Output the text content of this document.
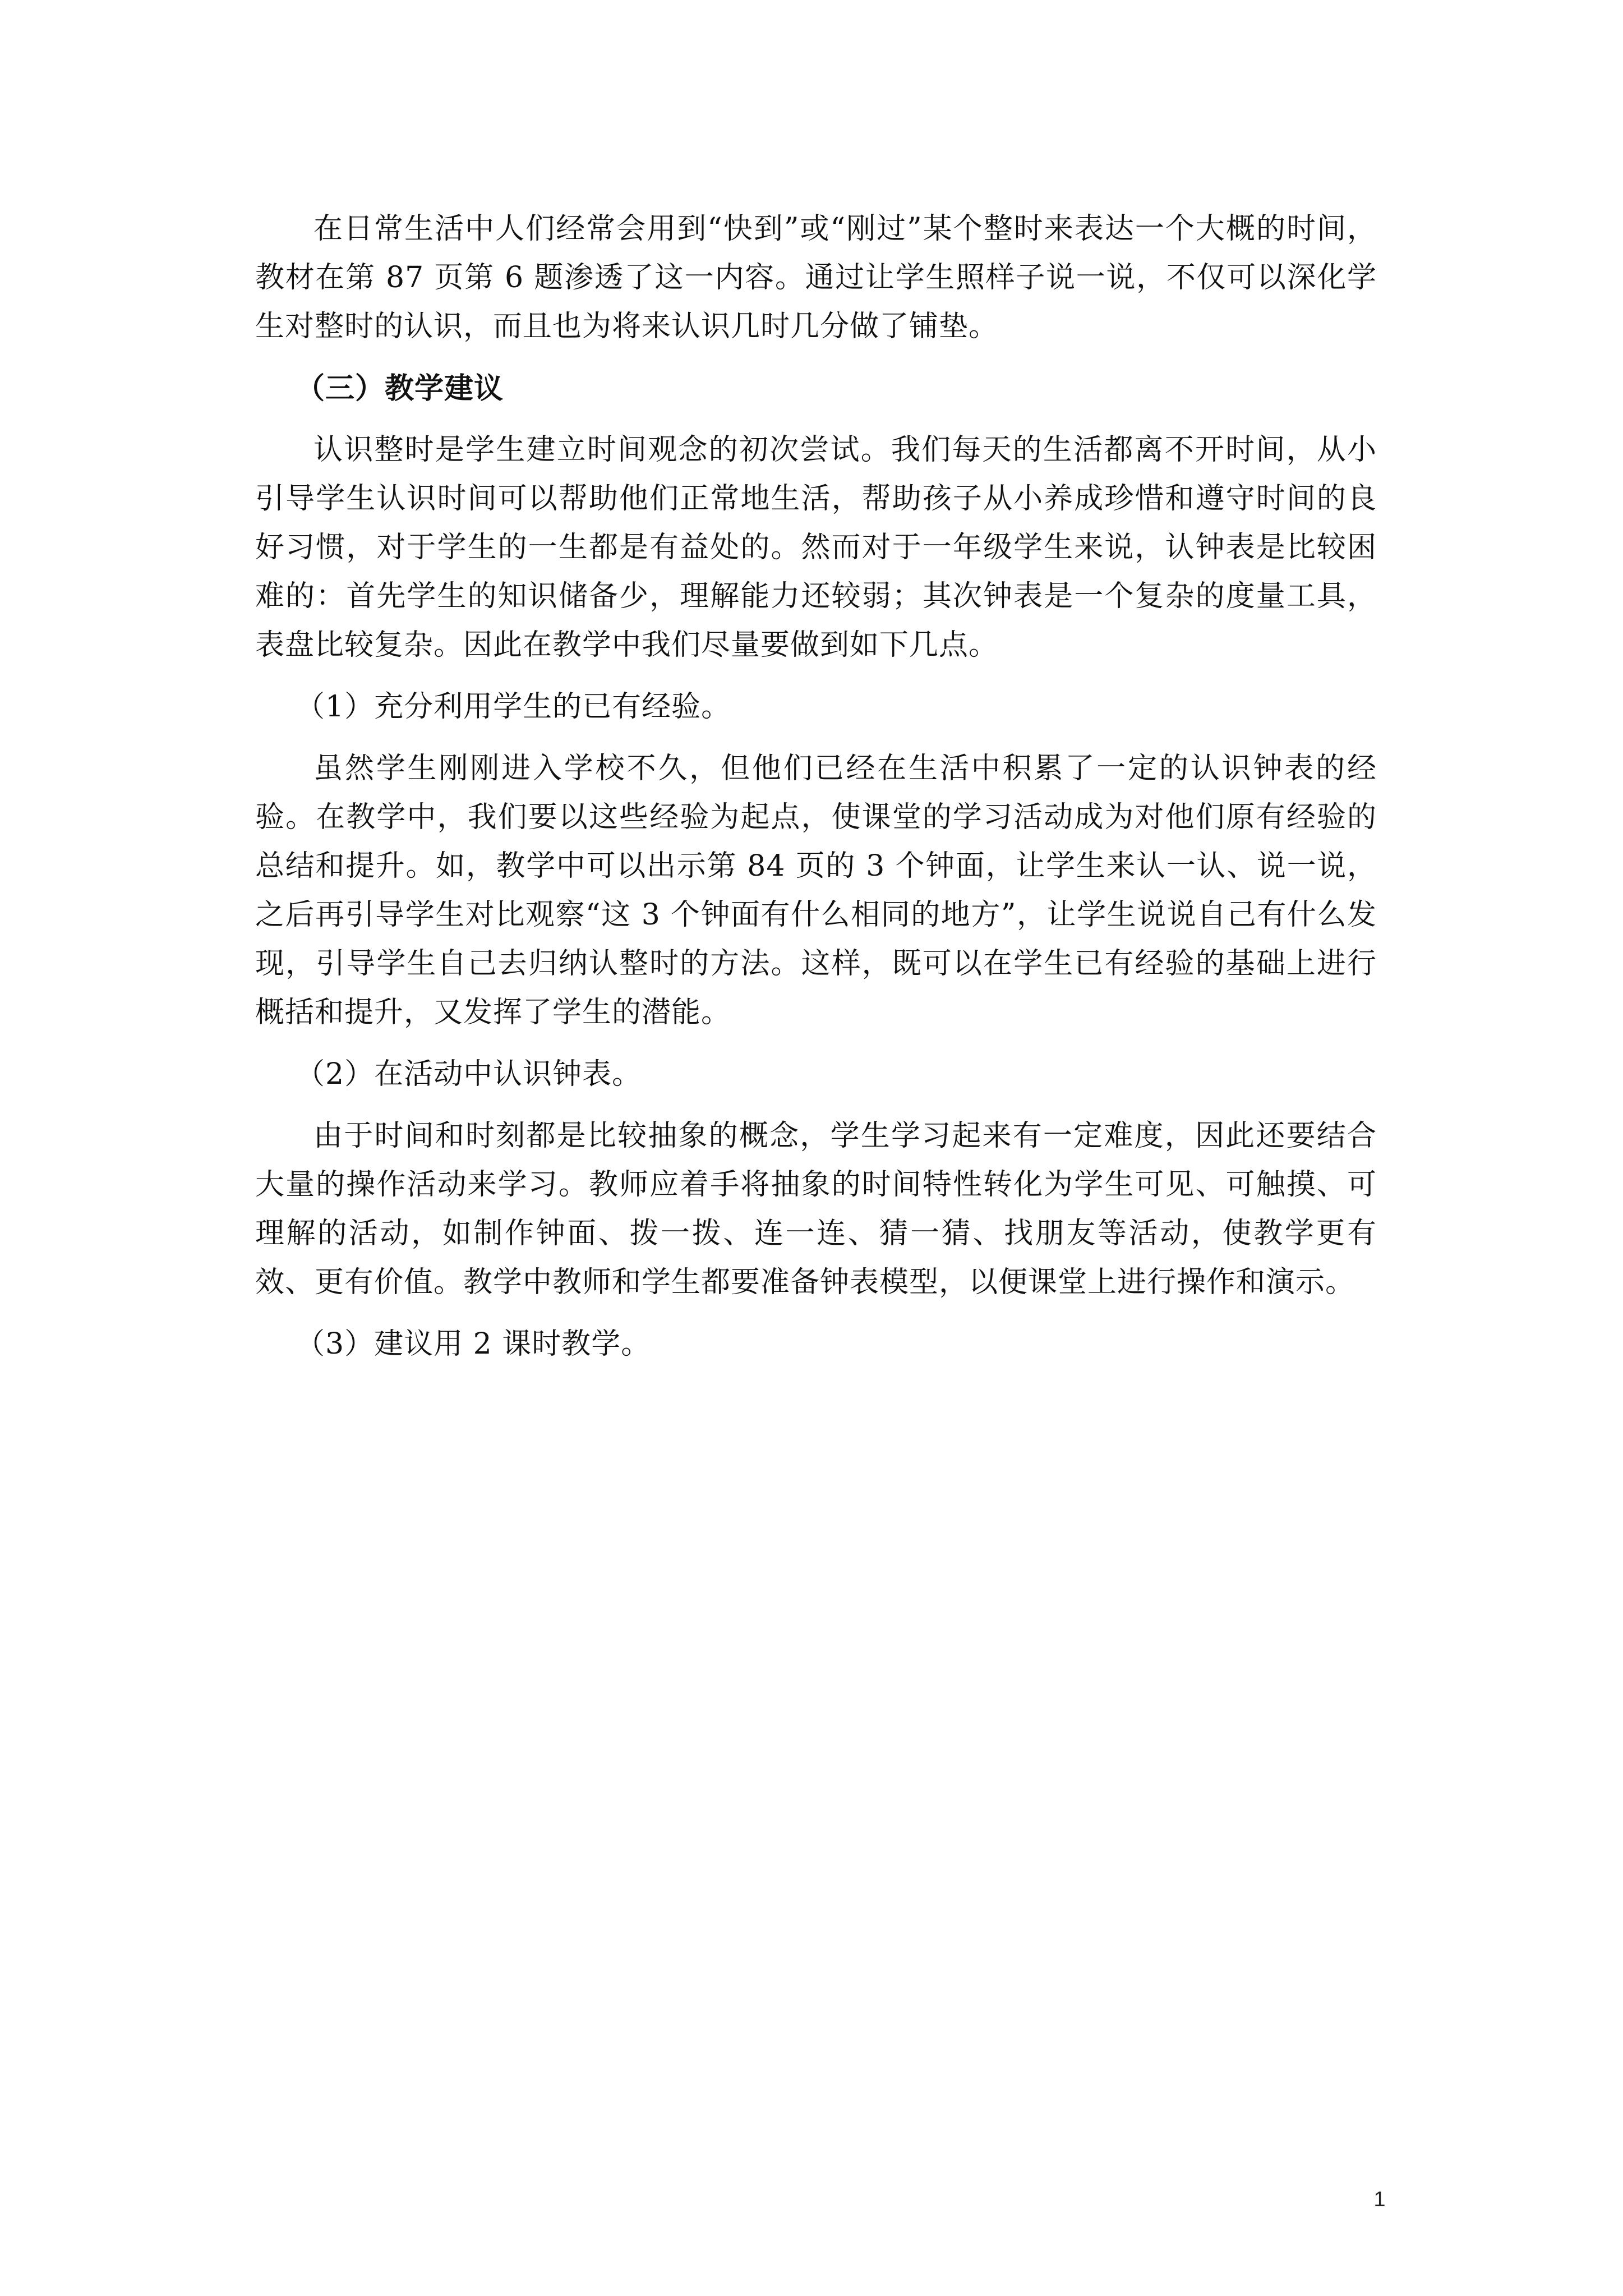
在日常生活中人们经常会用到“快到”或“刚过”某个整时来表达一个大概的时间，教材在第 87 页第 6 题渗透了这一内容。通过让学生照样子说一说，不仅可以深化学生对整时的认识，而且也为将来认识几时几分做了铺垫。

（三）教学建议

认识整时是学生建立时间观念的初次尝试。我们每天的生活都离不开时间，从小引导学生认识时间可以帮助他们正常地生活，帮助孩子从小养成珍惜和遵守时间的良好习惯，对于学生的一生都是有益处的。然而对于一年级学生来说，认钟表是比较困难的：首先学生的知识储备少，理解能力还较弱；其次钟表是一个复杂的度量工具，表盘比较复杂。因此在教学中我们尽量要做到如下几点。

（1）充分利用学生的已有经验。

虽然学生刚刚进入学校不久，但他们已经在生活中积累了一定的认识钟表的经验。在教学中，我们要以这些经验为起点，使课堂的学习活动成为对他们原有经验的总结和提升。如，教学中可以出示第 84 页的 3 个钟面，让学生来认一认、说一说，之后再引导学生对比观察“这 3 个钟面有什么相同的地方”，让学生说说自己有什么发现，引导学生自己去归纳认整时的方法。这样，既可以在学生已有经验的基础上进行概括和提升，又发挥了学生的潜能。

（2）在活动中认识钟表。

由于时间和时刻都是比较抽象的概念，学生学习起来有一定难度，因此还要结合大量的操作活动来学习。教师应着手将抽象的时间特性转化为学生可见、可触摸、可理解的活动，如制作钟面、拨一拨、连一连、猜一猜、找朋友等活动，使教学更有效、更有价值。教学中教师和学生都要准备钟表模型，以便课堂上进行操作和演示。

（3）建议用 2 课时教学。

1
